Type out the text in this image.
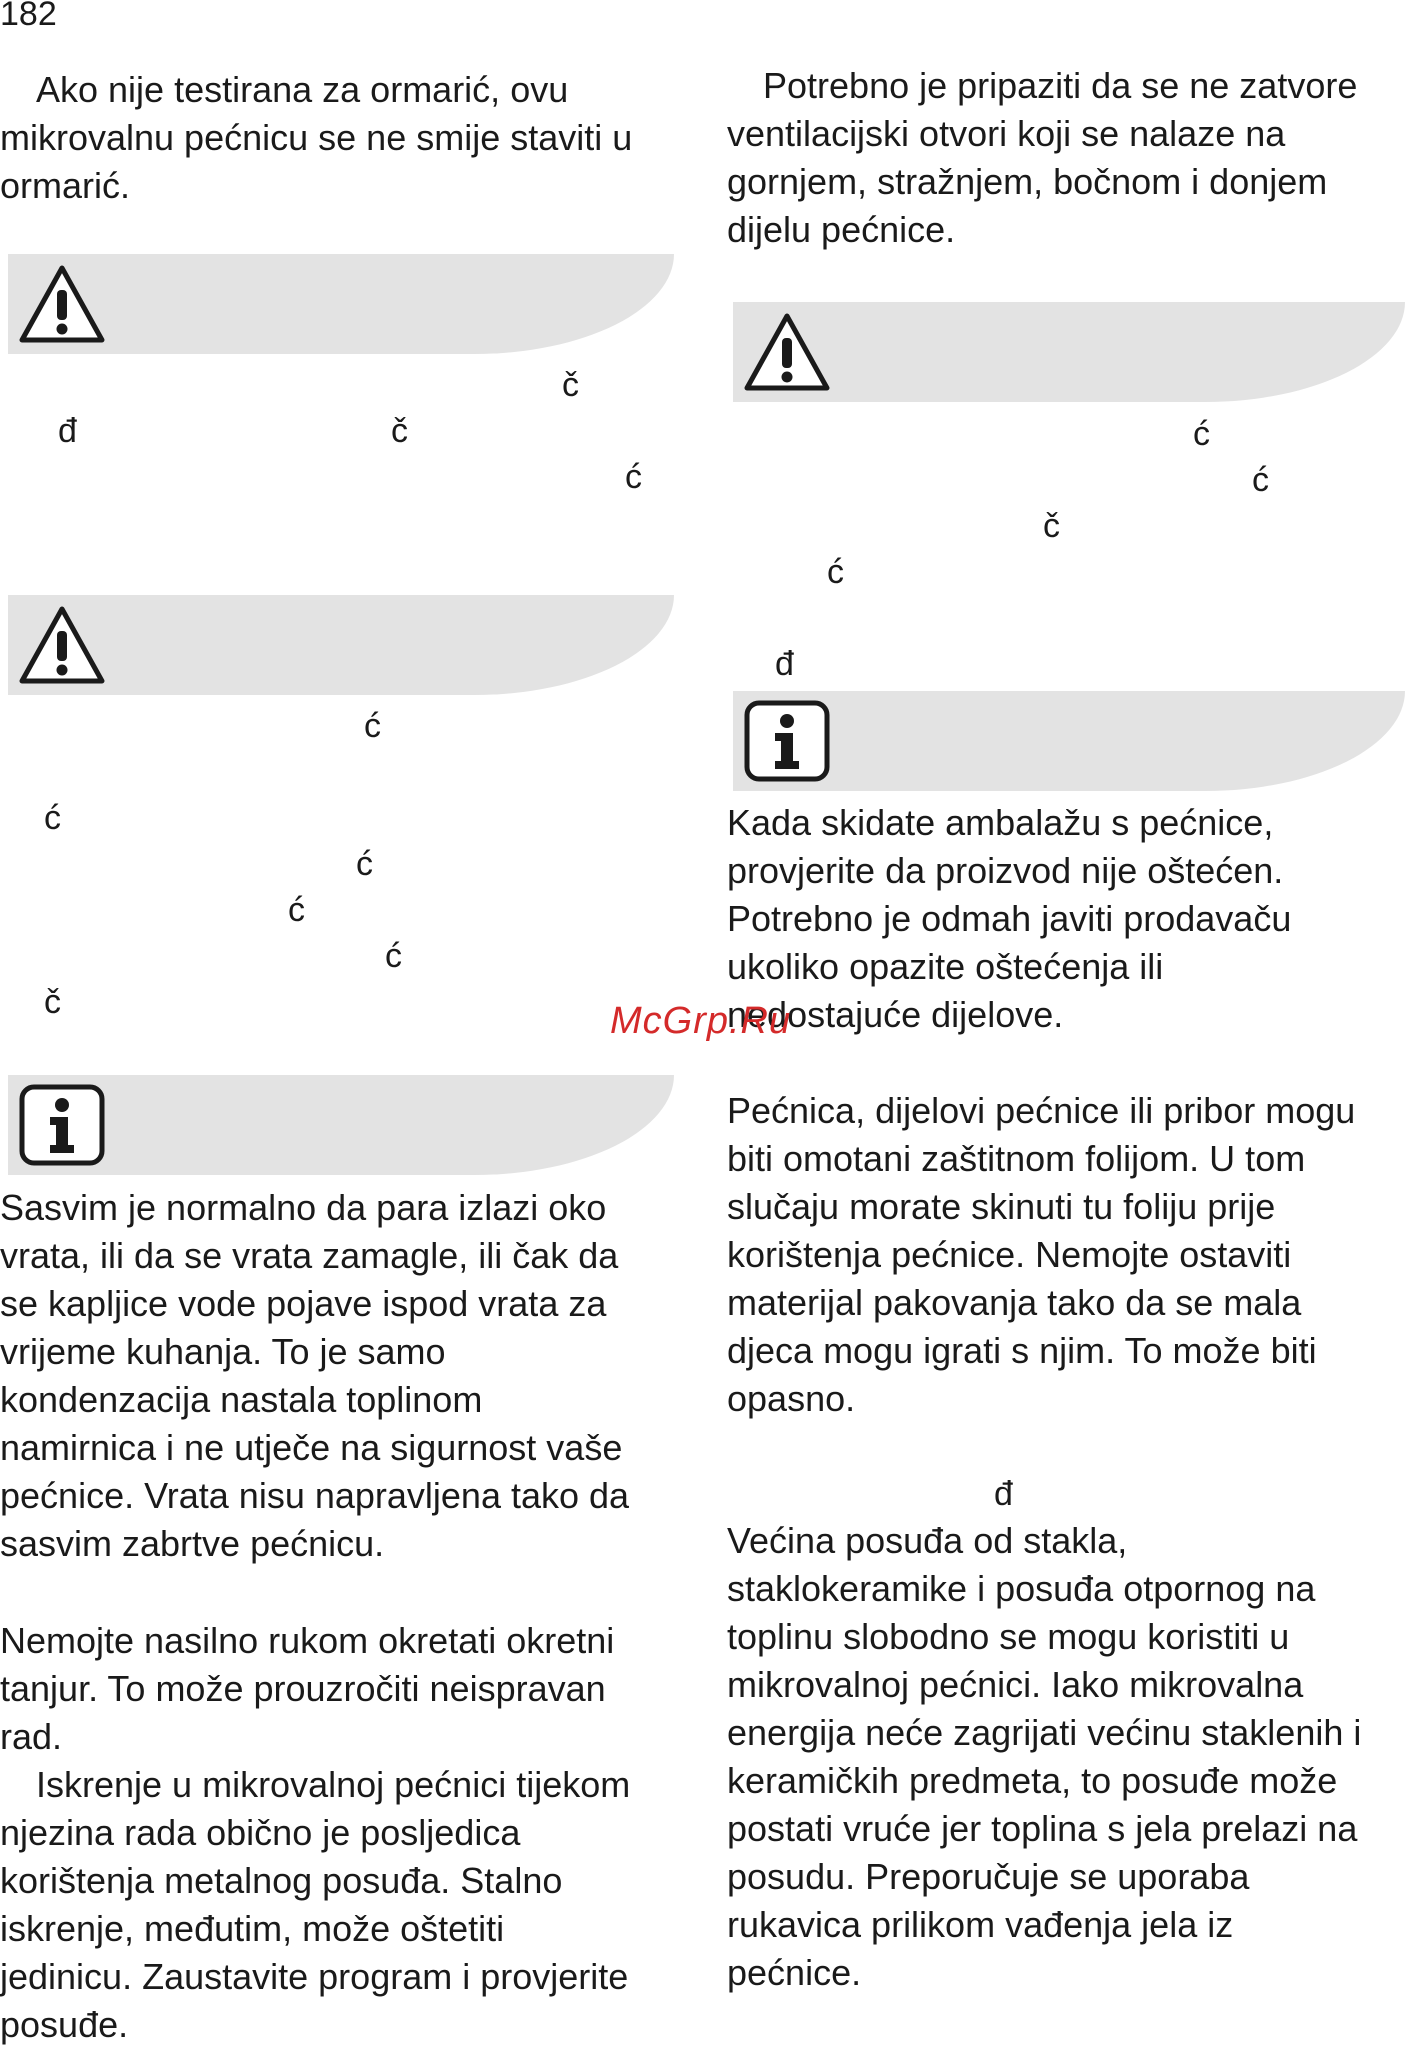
182

Ako nije testirana za ormarić, ovu
mikrovalnu pećnicu se ne smije staviti u
ormarić.

č
đ	č
ć
ć
ć
ć
ć
ć
č

Sasvim je normalno da para izlazi oko
vrata, ili da se vrata zamagle, ili čak da
se kapljice vode pojave ispod vrata za
vrijeme kuhanja. To je samo
kondenzacija nastala toplinom
namirnica i ne utječe na sigurnost vaše
pećnice. Vrata nisu napravljena tako da
sasvim zabrtve pećnicu.

Nemojte nasilno rukom okretati okretni
tanjur. To može prouzročiti neispravan
rad.

Iskrenje u mikrovalnoj pećnici tijekom
njezina rada obično je posljedica
korištenja metalnog posuđa. Stalno
iskrenje, međutim, može oštetiti
jedinicu. Zaustavite program i provjerite
posuđe.

Potrebno je pripaziti da se ne zatvore
ventilacijski otvori koji se nalaze na
gornjem, stražnjem, bočnom i donjem
dijelu pećnice.

ć
ć
č
ć
đ

Kada skidate ambalažu s pećnice,
provjerite da proizvod nije oštećen.
Potrebno je odmah javiti prodavaču
ukoliko opazite oštećenja ili
nedostajuće dijelove.

Pećnica, dijelovi pećnice ili pribor mogu
biti omotani zaštitnom folijom. U tom
slučaju morate skinuti tu foliju prije
korištenja pećnice. Nemojte ostaviti
materijal pakovanja tako da se mala
djeca mogu igrati s njim. To može biti
opasno.

đ

Većina posuđa od stakla,
staklokeramike i posuđa otpornog na
toplinu slobodno se mogu koristiti u
mikrovalnoj pećnici. Iako mikrovalna
energija neće zagrijati većinu staklenih i
keramičkih predmeta, to posuđe može
postati vruće jer toplina s jela prelazi na
posudu. Preporučuje se uporaba
rukavica prilikom vađenja jela iz
pećnice.

McGrp.Ru
